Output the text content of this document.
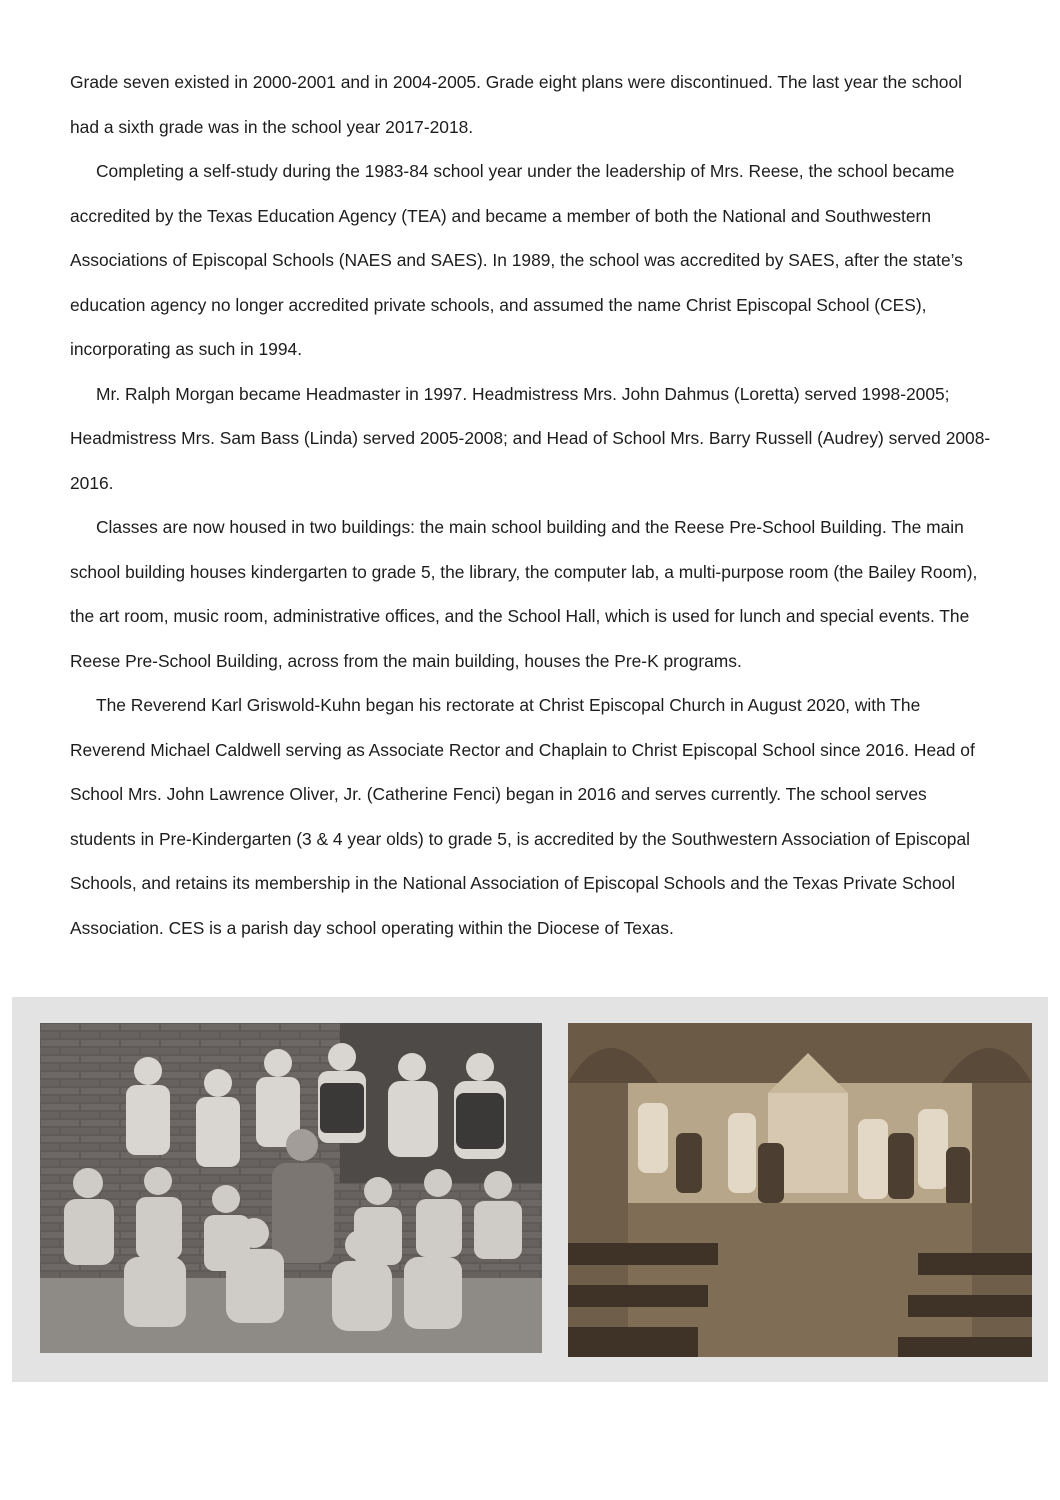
Grade seven existed in 2000-2001 and in 2004-2005. Grade eight plans were discontinued. The last year the school had a sixth grade was in the school year 2017-2018.

Completing a self-study during the 1983-84 school year under the leadership of Mrs. Reese, the school became accredited by the Texas Education Agency (TEA) and became a member of both the National and Southwestern Associations of Episcopal Schools (NAES and SAES). In 1989, the school was accredited by SAES, after the state’s education agency no longer accredited private schools, and assumed the name Christ Episcopal School (CES), incorporating as such in 1994.

Mr. Ralph Morgan became Headmaster in 1997. Headmistress Mrs. John Dahmus (Loretta) served 1998-2005; Headmistress Mrs. Sam Bass (Linda) served 2005-2008; and Head of School Mrs. Barry Russell (Audrey) served 2008-2016.

Classes are now housed in two buildings: the main school building and the Reese Pre-School Building. The main school building houses kindergarten to grade 5, the library, the computer lab, a multi-purpose room (the Bailey Room), the art room, music room, administrative offices, and the School Hall, which is used for lunch and special events. The Reese Pre-School Building, across from the main building, houses the Pre-K programs.

The Reverend Karl Griswold-Kuhn began his rectorate at Christ Episcopal Church in August 2020, with The Reverend Michael Caldwell serving as Associate Rector and Chaplain to Christ Episcopal School since 2016. Head of School Mrs. John Lawrence Oliver, Jr. (Catherine Fenci) began in 2016 and serves currently. The school serves students in Pre-Kindergarten (3 & 4 year olds) to grade 5, is accredited by the Southwestern Association of Episcopal Schools, and retains its membership in the National Association of Episcopal Schools and the Texas Private School Association. CES is a parish day school operating within the Diocese of Texas.
